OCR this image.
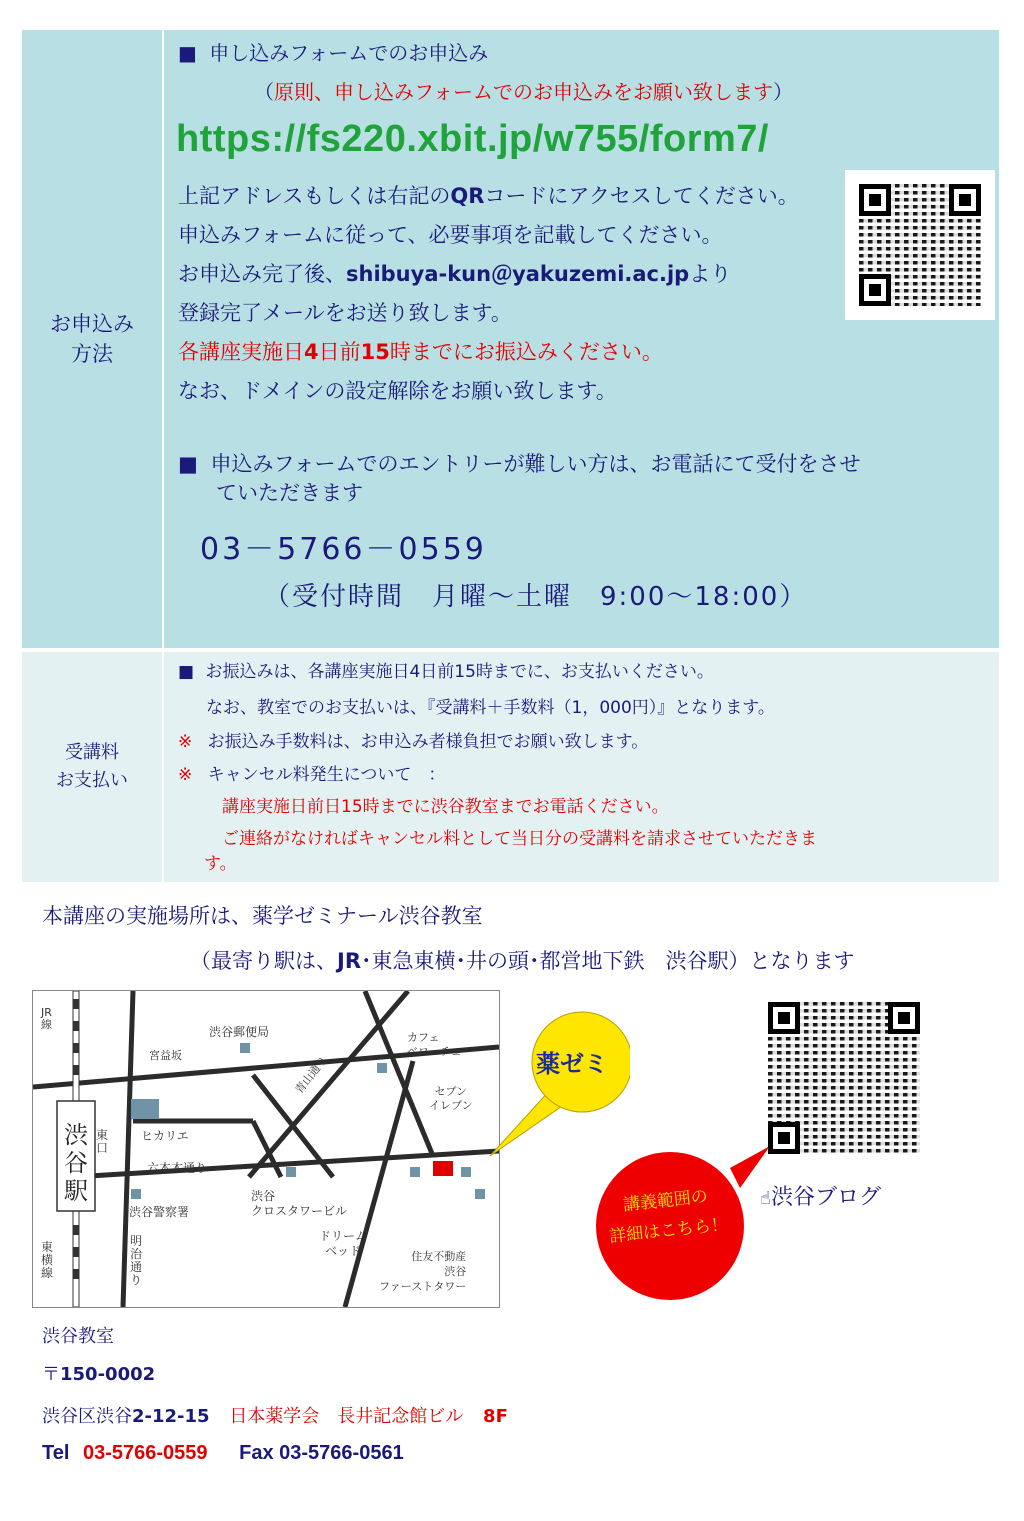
お申込み
方法
■ 申し込みフォームでのお申込み
（原則、申し込みフォームでのお申込みをお願い致します）
https://fs220.xbit.jp/w755/form7/
上記アドレスもしくは右記のQRコードにアクセスしてください。
申込みフォームに従って、必要事項を記載してください。
お申込み完了後、shibuya-kun＠yakuzemi.ac.jpより
登録完了メールをお送り致します。
各講座実施日4日前15時までにお振込みください。
なお、ドメインの設定解除をお願い致します。
■ 申込みフォームでのエントリーが難しい方は、お電話にて受付をさせ
ていただきます
03－5766－0559
（受付時間　月曜～土曜　9:00～18:00）
受講料
お支払い
■ お振込みは、各講座実施日4日前15時までに、お支払いください。
なお、教室でのお支払いは、『受講料＋手数料（1，000円）』となります。
※ お振込み手数料は、お申込み者様負担でお願い致します。
※ キャンセル料発生について　：
講座実施日前日15時までに渋谷教室までお電話ください。
ご連絡がなければキャンセル料として当日分の受講料を請求させていただきま
す。
本講座の実施場所は、薬学ゼミナール渋谷教室
（最寄り駅は、JR･東急東横･井の頭･都営地下鉄　渋谷駅）となります
JR
線
渋谷駅
東口
東横線
宮益坂
渋谷郵便局
青山通り
ヒカリエ
六本木通り
渋谷警察署
明治通り
渋谷
クロスタワービル
ドリーム
ベッド
カフェ
ベローチェ
セブン
イレブン
住友不動産
渋谷
ファーストタワー
薬ゼミ
講義範囲の
詳細はこちら！
☝渋谷ブログ
渋谷教室
〒150-0002
渋谷区渋谷2-12-15 日本薬学会　長井記念館ビル 8F
Tel 03-5766-0559 Fax 03-5766-0561
